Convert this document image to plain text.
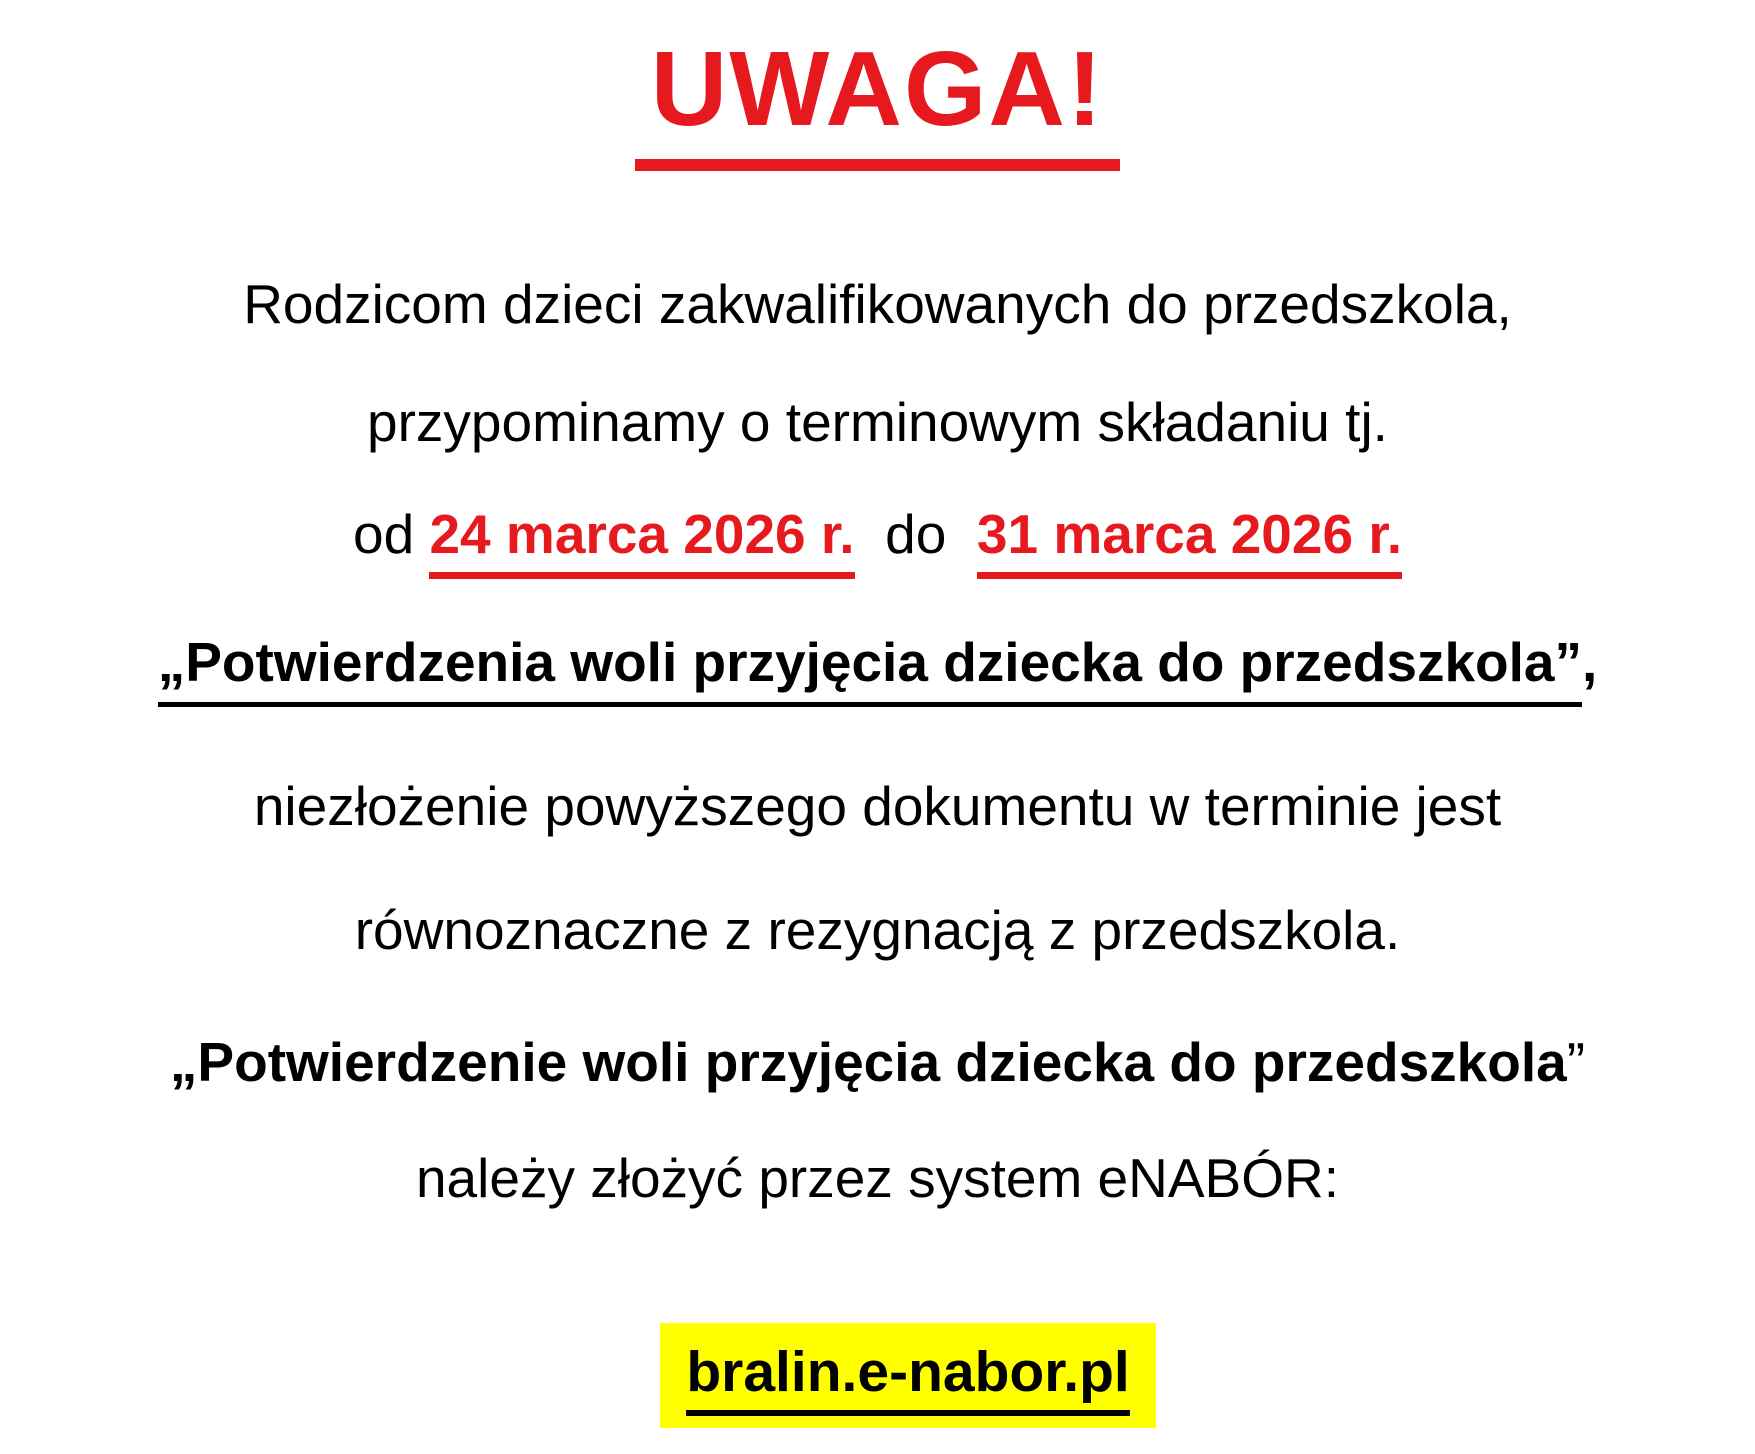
UWAGA!

Rodzicom dzieci zakwalifikowanych do przedszkola,

przypominamy o terminowym składaniu tj.

od 24 marca 2026 r.  do  31 marca 2026 r.

„Potwierdzenia woli przyjęcia dziecka do przedszkola”,

niezłożenie powyższego dokumentu w terminie jest

równoznaczne z rezygnacją z przedszkola.

„Potwierdzenie woli przyjęcia dziecka do przedszkola”

należy złożyć przez system eNABÓR:

bralin.e-nabor.pl
